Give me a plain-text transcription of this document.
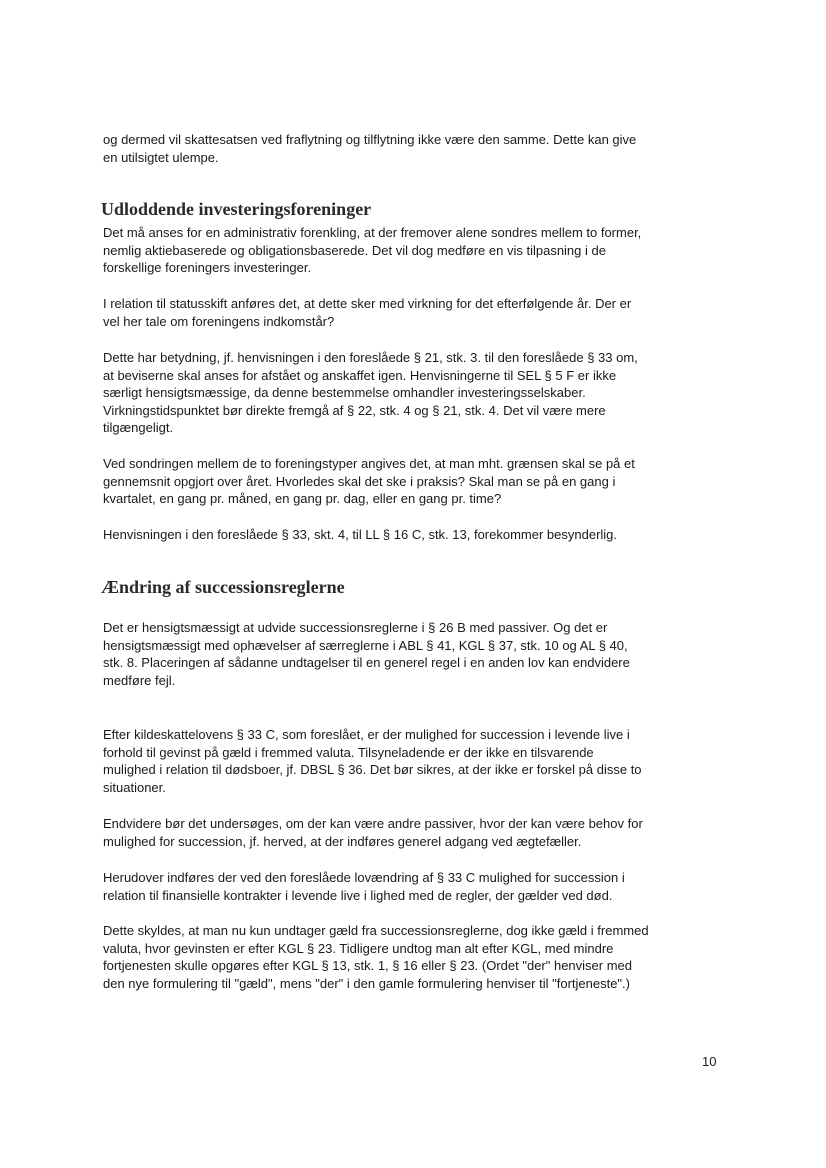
og dermed vil skattesatsen ved fraflytning og tilflytning ikke være den samme. Dette kan give
en utilsigtet ulempe.

Udloddende investeringsforeninger

Det må anses for en administrativ forenkling, at der fremover alene sondres mellem to former,
nemlig aktiebaserede og obligationsbaserede. Det vil dog medføre en vis tilpasning i de
forskellige foreningers investeringer.

I relation til statusskift anføres det, at dette sker med virkning for det efterfølgende år. Der er
vel her tale om foreningens indkomstår?

Dette har betydning, jf. henvisningen i den foreslåede § 21, stk. 3. til den foreslåede § 33 om,
at beviserne skal anses for afstået og anskaffet igen. Henvisningerne til SEL § 5 F er ikke
særligt hensigtsmæssige, da denne bestemmelse omhandler investeringsselskaber.
Virkningstidspunktet bør direkte fremgå af § 22, stk. 4 og § 21, stk. 4. Det vil være mere
tilgængeligt.

Ved sondringen mellem de to foreningstyper angives det, at man mht. grænsen skal se på et
gennemsnit opgjort over året. Hvorledes skal det ske i praksis? Skal man se på en gang i
kvartalet, en gang pr. måned, en gang pr. dag, eller en gang pr. time?

Henvisningen i den foreslåede § 33, skt. 4, til LL § 16 C, stk. 13, forekommer besynderlig.

Ændring af successionsreglerne

Det er hensigtsmæssigt at udvide successionsreglerne i § 26 B med passiver. Og det er
hensigtsmæssigt med ophævelser af særreglerne i ABL § 41, KGL § 37, stk. 10 og AL § 40,
stk. 8. Placeringen af sådanne undtagelser til en generel regel i en anden lov kan endvidere
medføre fejl.

Efter kildeskattelovens § 33 C, som foreslået, er der mulighed for succession i levende live i
forhold til gevinst på gæld i fremmed valuta. Tilsyneladende er der ikke en tilsvarende
mulighed i relation til dødsboer, jf. DBSL § 36. Det bør sikres, at der ikke er forskel på disse to
situationer.

Endvidere bør det undersøges, om der kan være andre passiver, hvor der kan være behov for
mulighed for succession, jf. herved, at der indføres generel adgang ved ægtefæller.

Herudover indføres der ved den foreslåede lovændring af § 33 C mulighed for succession i
relation til finansielle kontrakter i levende live i lighed med de regler, der gælder ved død.

Dette skyldes, at man nu kun undtager gæld fra successionsreglerne, dog ikke gæld i fremmed
valuta, hvor gevinsten er efter KGL § 23. Tidligere undtog man alt efter KGL, med mindre
fortjenesten skulle opgøres efter KGL § 13, stk. 1, § 16 eller § 23. (Ordet "der" henviser med
den nye formulering til "gæld", mens "der" i den gamle formulering henviser til "fortjeneste".)

10
